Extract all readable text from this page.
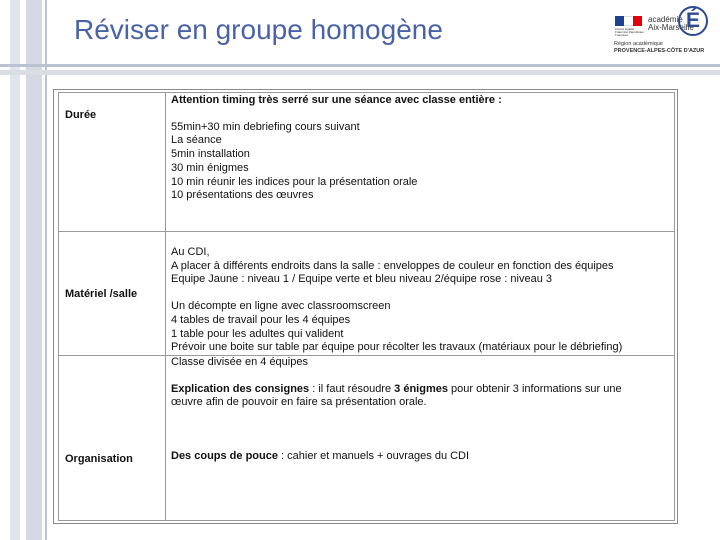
Réviser en groupe homogène	Liberté Égalité Fraternité République Française
académie
Aix-Marseille
É
Région académique
PROVENCE-ALPES-CÔTE D'AZUR
Durée
Attention timing très serré sur une séance avec classe entière :
55min+30 min debriefing cours suivant
La séance
5min installation
30 min énigmes
10 min réunir les indices pour la présentation orale
10 présentations des œuvres
Matériel /salle
Au CDI,
A placer à différents endroits dans la salle : enveloppes de couleur en fonction des équipes
Equipe Jaune : niveau 1 / Equipe verte et bleu niveau 2/équipe rose : niveau 3
Un décompte en ligne avec classroomscreen
4 tables de travail pour les 4 équipes
1 table pour les adultes qui valident
Prévoir une boite sur table par équipe pour récolter les travaux (matériaux pour le débriefing)
Organisation
Classe divisée en 4 équipes
Explication des consignes : il faut résoudre 3 énigmes pour obtenir 3 informations sur une
œuvre afin de pouvoir en faire sa présentation orale.
Des coups de pouce : cahier et manuels + ouvrages du CDI
